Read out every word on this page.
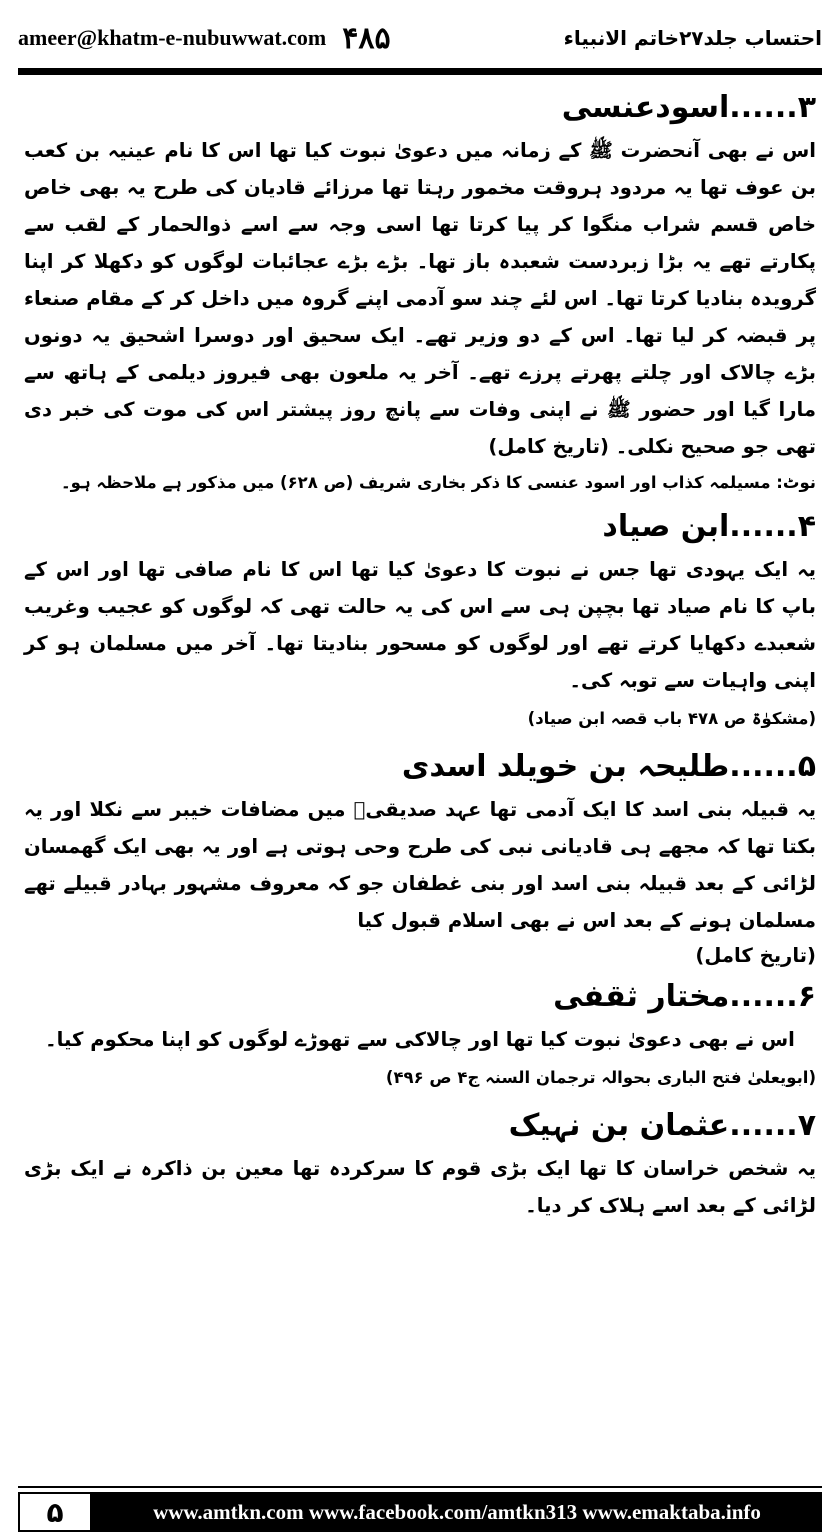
ameer@khatm-e-nubuwwat.com ۴۸۵	احتساب جلد۲۷خاتم الانبیاء
۳......اسودعنسی

اس نے بھی آنحضرت ﷺ کے زمانہ میں دعویٰ نبوت کیا تھا اس کا نام عینیہ بن کعب بن عوف تھا یہ مردود ہروقت مخمور رہتا تھا مرزائے قادیان کی طرح یہ بھی خاص خاص قسم شراب منگوا کر پیا کرتا تھا اسی وجہ سے اسے ذوالحمار کے لقب سے پکارتے تھے یہ بڑا زبردست شعبدہ باز تھا۔ بڑے بڑے عجائبات لوگوں کو دکھلا کر اپنا گرویدہ بنادیا کرتا تھا۔ اس لئے چند سو آدمی اپنے گروہ میں داخل کر کے مقام صنعاء پر قبضہ کر لیا تھا۔ اس کے دو وزیر تھے۔ ایک سحیق اور دوسرا اشحیق یہ دونوں بڑے چالاک اور چلتے پھرتے پرزے تھے۔ آخر یہ ملعون بھی فیروز دیلمی کے ہاتھ سے مارا گیا اور حضور ﷺ نے اپنی وفات سے پانچ روز پیشتر اس کی موت کی خبر دی تھی جو صحیح نکلی۔ (تاریخ کامل)

نوٹ: مسیلمہ کذاب اور اسود عنسی کا ذکر بخاری شریف (ص ۶۲۸) میں مذکور ہے ملاحظہ ہو۔

۴......ابن صیاد

یہ ایک یہودی تھا جس نے نبوت کا دعویٰ کیا تھا اس کا نام صافی تھا اور اس کے باپ کا نام صیاد تھا بچپن ہی سے اس کی یہ حالت تھی کہ لوگوں کو عجیب وغریب شعبدے دکھایا کرتے تھے اور لوگوں کو مسحور بنادیتا تھا۔ آخر میں مسلمان ہو کر اپنی واہیات سے توبہ کی۔

(مشکوٰۃ ص ۴۷۸ باب قصہ ابن صیاد)

۵......طلیحہ بن خویلد اسدی

یہ قبیلہ بنی اسد کا ایک آدمی تھا عہد صدیقیؓ میں مضافات خیبر سے نکلا اور یہ بکتا تھا کہ مجھے ہی قادیانی نبی کی طرح وحی ہوتی ہے اور یہ بھی ایک گھمسان لڑائی کے بعد قبیلہ بنی اسد اور بنی غطفان جو کہ معروف مشہور بہادر قبیلے تھے مسلمان ہونے کے بعد اس نے بھی اسلام قبول کیا

(تاریخ کامل)

۶......مختار ثقفی

اس نے بھی دعویٰ نبوت کیا تھا اور چالاکی سے تھوڑے لوگوں کو اپنا محکوم کیا۔

(ابویعلیٰ فتح الباری بحوالہ ترجمان السنہ ج۴ ص ۴۹۶)

۷......عثمان بن نہیک

یہ شخص خراسان کا تھا ایک بڑی قوم کا سرکردہ تھا معین بن ذاکرہ نے ایک بڑی لڑائی کے بعد اسے ہلاک کر دیا۔

۵	www.amtkn.com www.facebook.com/amtkn313 www.emaktaba.info
